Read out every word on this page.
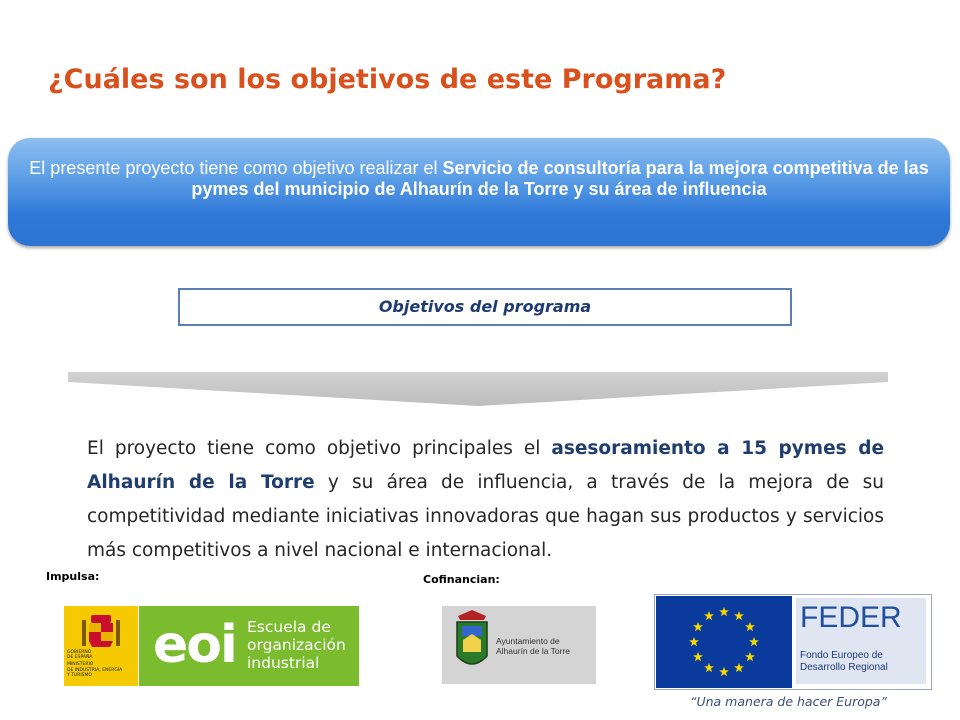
¿Cuáles son los objetivos de este Programa?
El presente proyecto tiene como objetivo realizar el Servicio de consultoría para la mejora competitiva de las pymes del municipio de Alhaurín de la Torre y su área de influencia
Objetivos del programa
El proyecto tiene como objetivo principales el asesoramiento a 15 pymes de Alhaurín de la Torre y su área de influencia, a través de la mejora de su competitividad mediante iniciativas innovadoras que hagan sus productos y servicios más competitivos a nivel nacional e internacional.
Impulsa:	Cofinancian:
GOBIERNO
DE ESPAÑA
MINISTERIO
DE INDUSTRIA, ENERGÍA
Y TURISMO
eoi Escuela de
organización
industrial
Ayuntamiento de
Alhaurín de la Torre
FEDER
Fondo Europeo de
Desarrollo Regional
“Una manera de hacer Europa”
